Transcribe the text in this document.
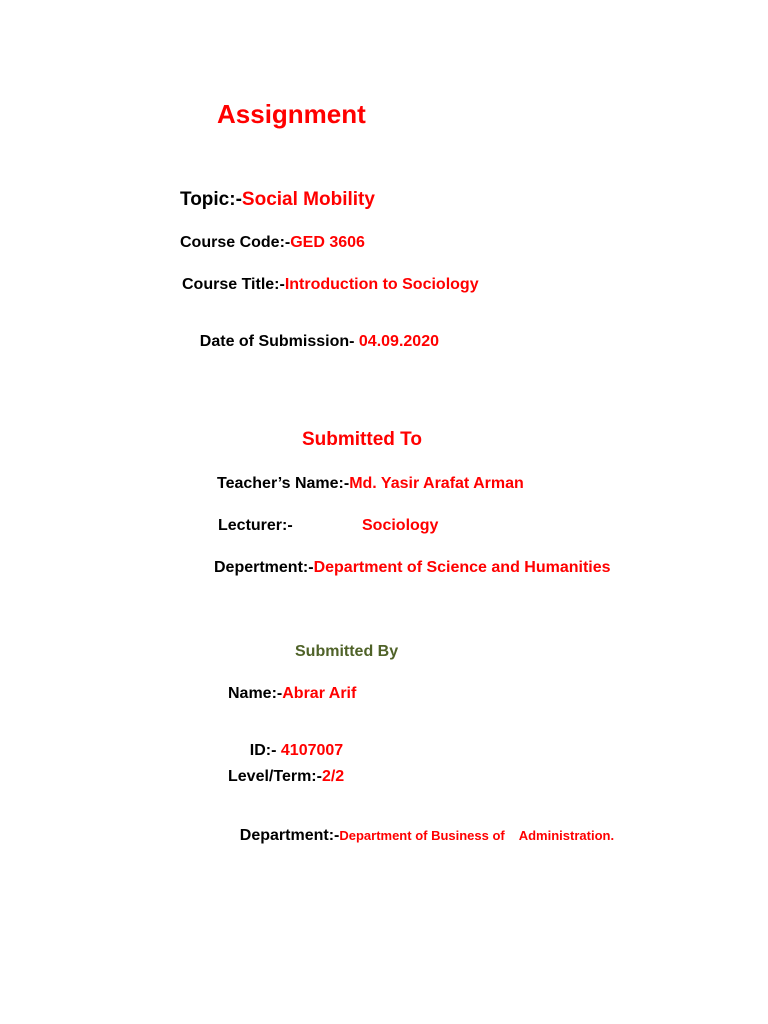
Assignment
Topic:-Social Mobility
Course Code:-GED 3606
Course Title:-Introduction to Sociology

Date of Submission- 04.09.2020

Submitted To
Teacher’s Name:-Md. Yasir Arafat Arman
Lecturer:-	Sociology
Depertment:-Department of Science and Humanities
Submitted By
Name:-Abrar Arif

ID:- 4107007

Level/Term:-2/2

Department:-Department of Business of    Administration.
